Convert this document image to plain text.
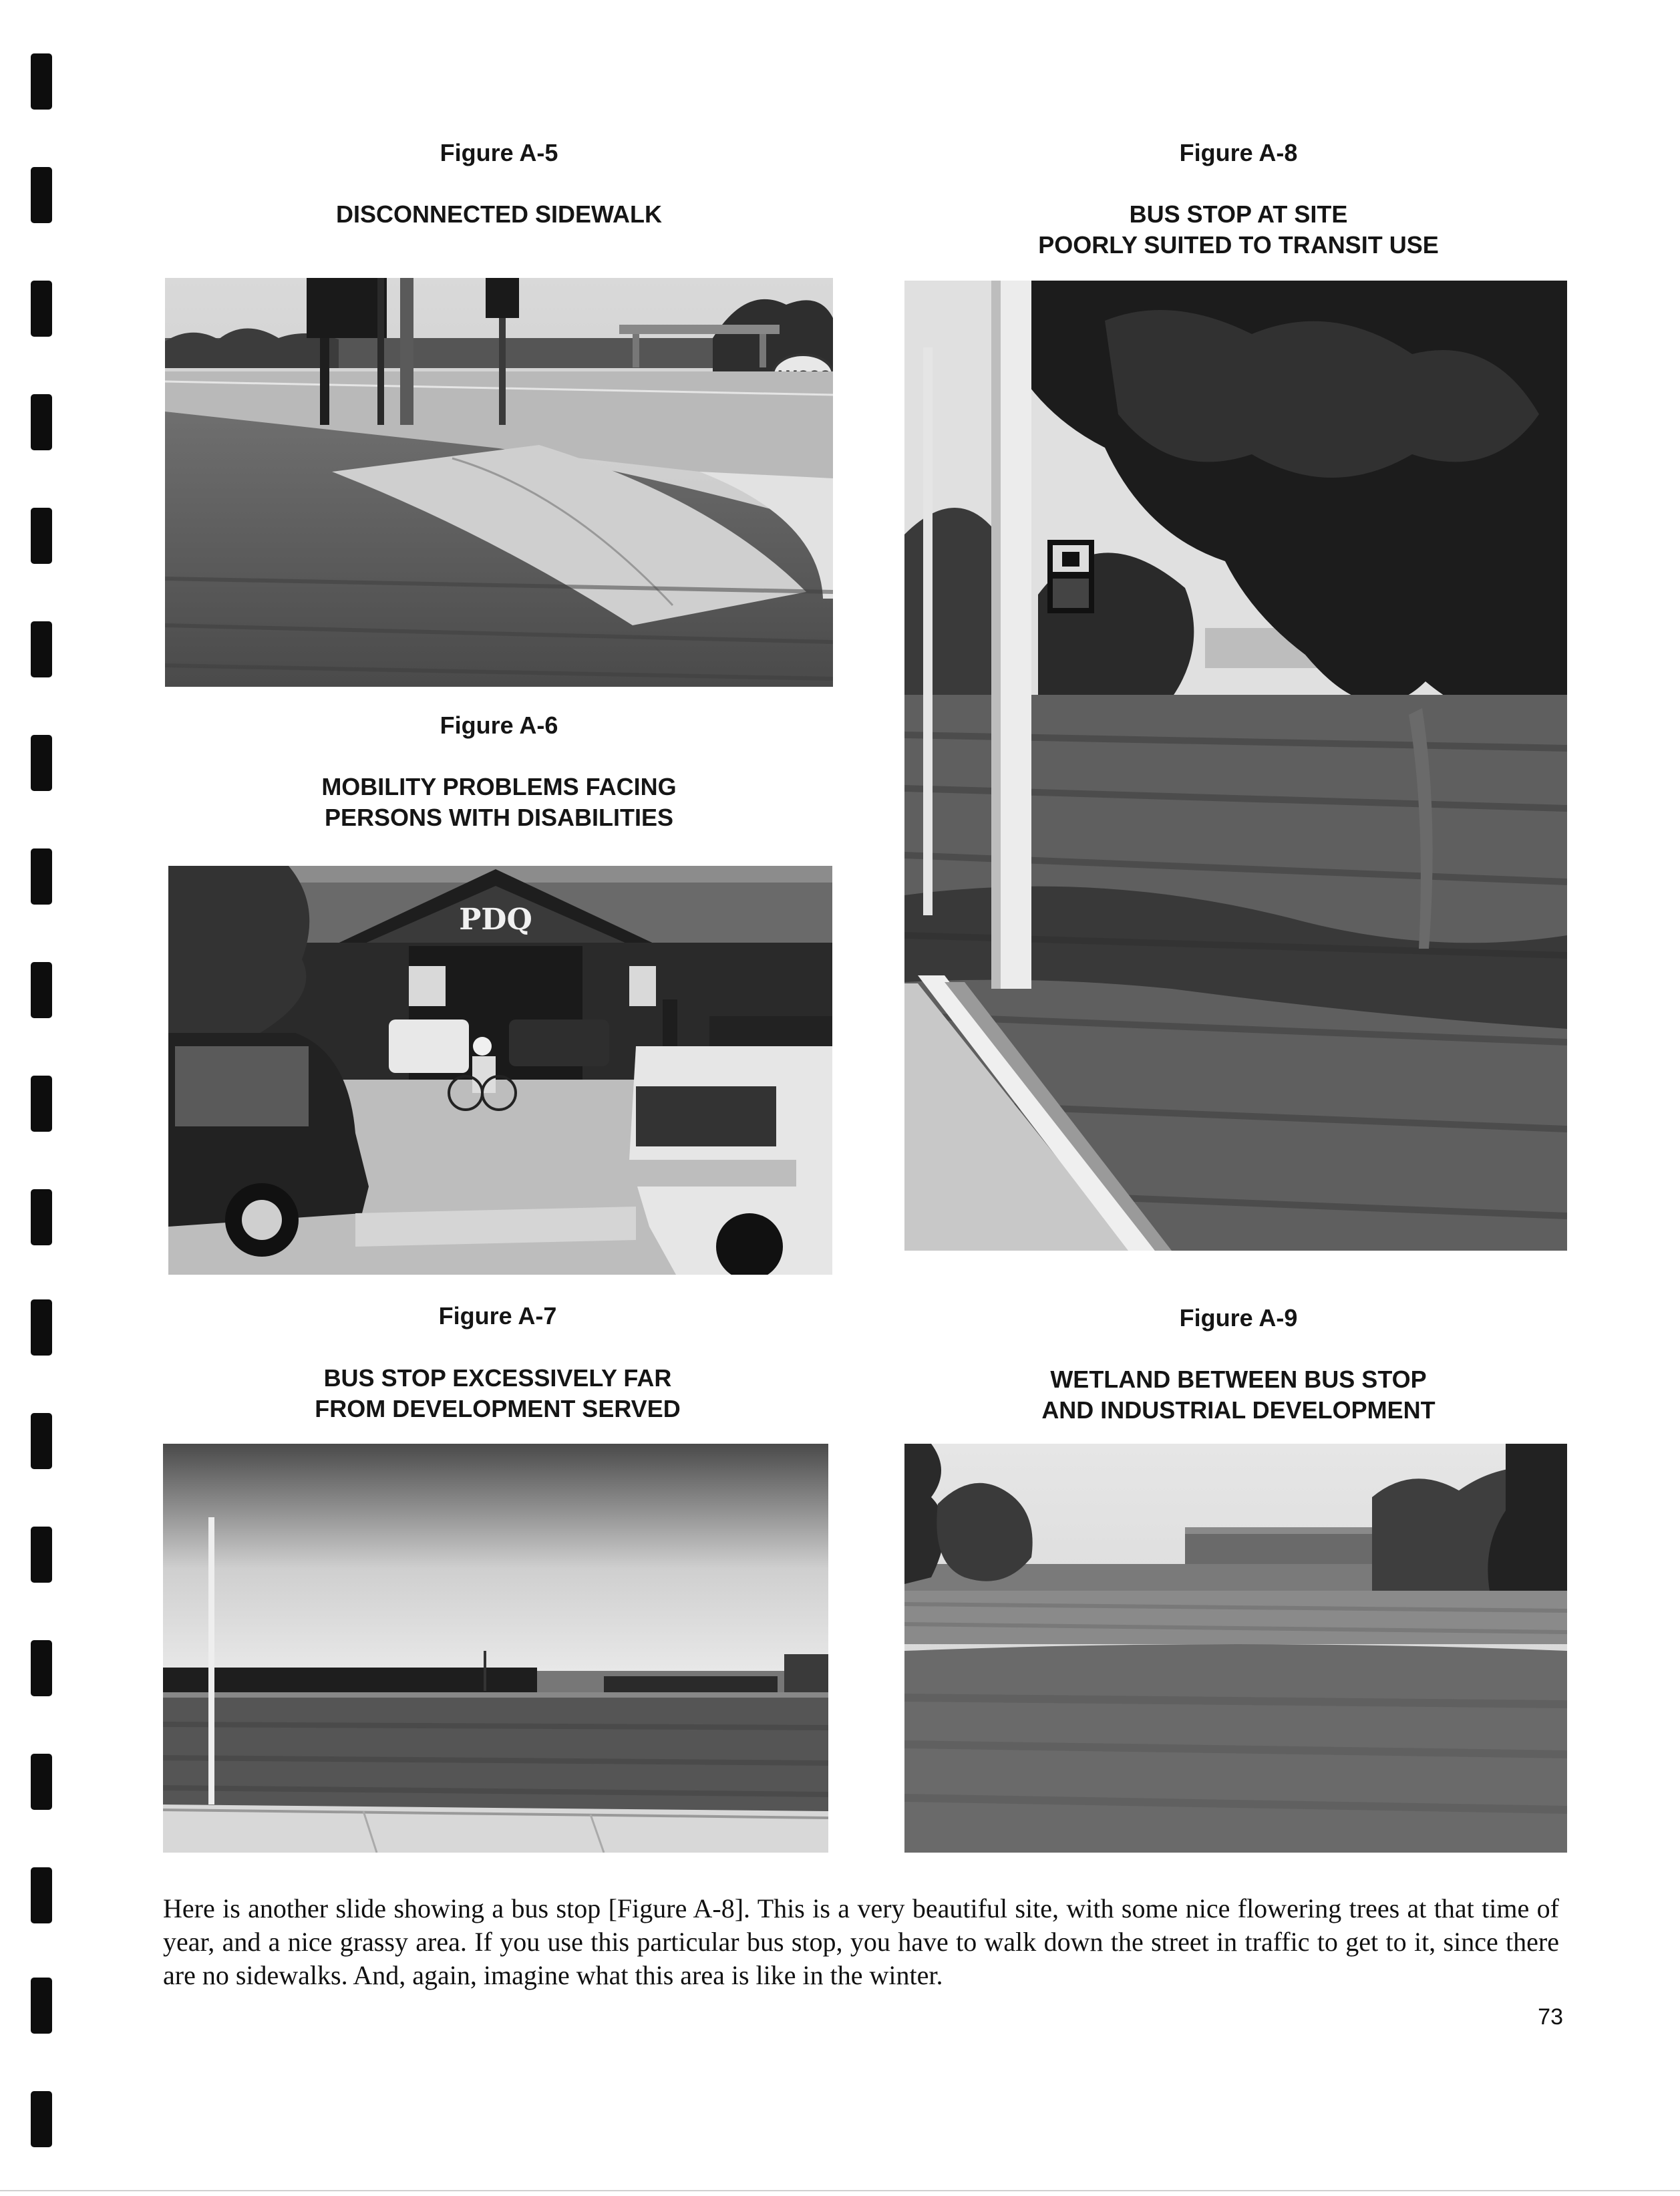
Figure A-5
DISCONNECTED SIDEWALK
Figure A-6
MOBILITY PROBLEMS FACING
PERSONS WITH DISABILITIES
PDQ
Figure A-7
BUS STOP EXCESSIVELY FAR
FROM DEVELOPMENT SERVED
Figure A-8
BUS STOP AT SITE
POORLY SUITED TO TRANSIT USE
Figure A-9
WETLAND BETWEEN BUS STOP
AND INDUSTRIAL DEVELOPMENT

Here is another slide showing a bus stop [Figure A-8]. This is a very beautiful site, with some nice flowering trees at that time of year, and a nice grassy area. If you use this particular bus stop, you have to walk down the street in traffic to get to it, since there are no sidewalks. And, again, imagine what this area is like in the winter.

73
